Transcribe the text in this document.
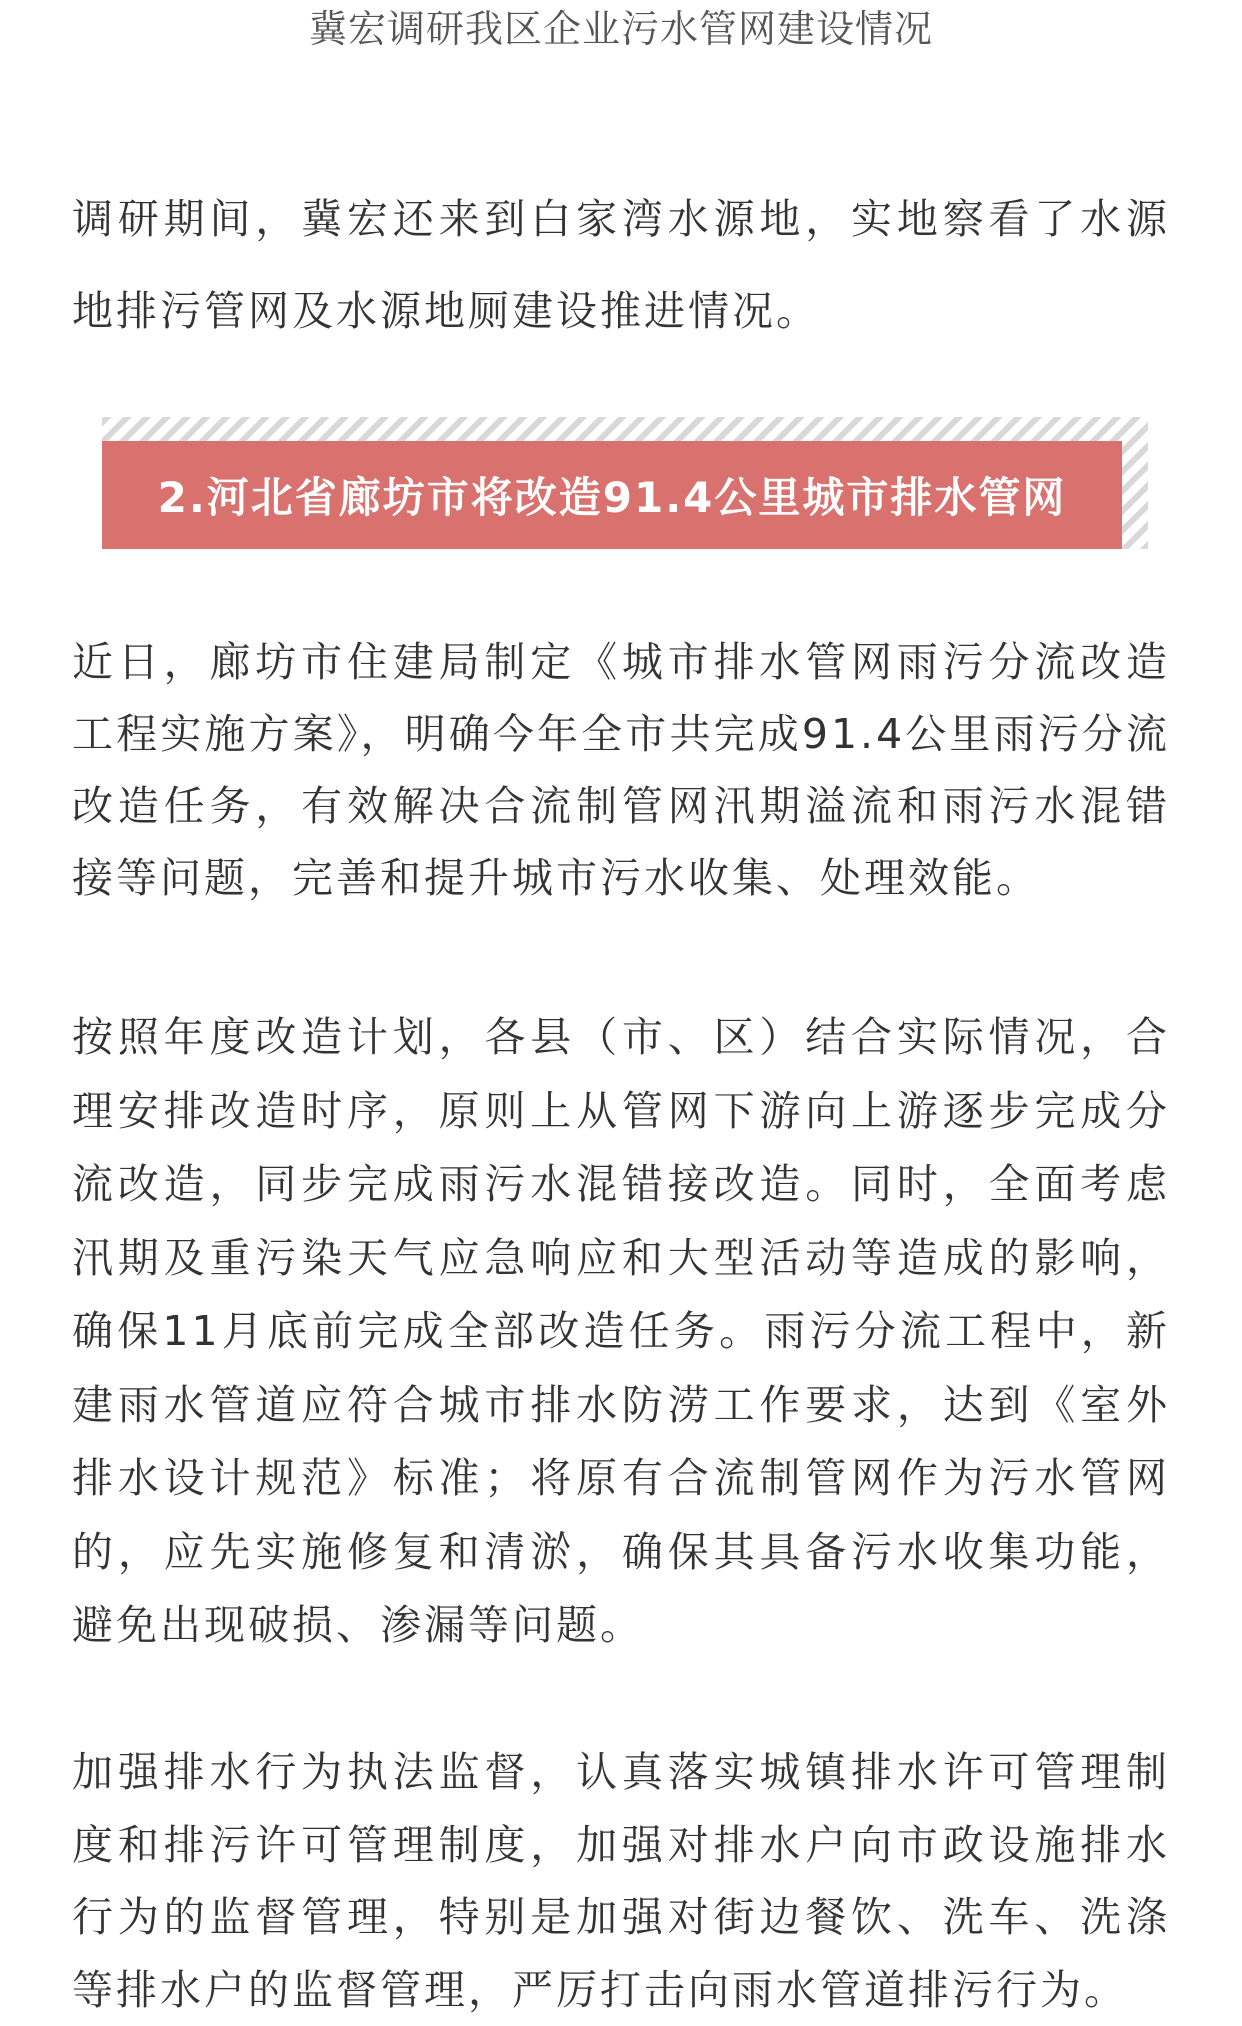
冀宏调研我区企业污水管网建设情况

调研期间，冀宏还来到白家湾水源地，实地察看了水源地排污管网及水源地厕建设推进情况。

2.河北省廊坊市将改造91.4公里城市排水管网

近日，廊坊市住建局制定《城市排水管网雨污分流改造工程实施方案》，明确今年全市共完成91.4公里雨污分流改造任务，有效解决合流制管网汛期溢流和雨污水混错接等问题，完善和提升城市污水收集、处理效能。

按照年度改造计划，各县（市、区）结合实际情况，合理安排改造时序，原则上从管网下游向上游逐步完成分流改造，同步完成雨污水混错接改造。同时，全面考虑汛期及重污染天气应急响应和大型活动等造成的影响，确保11月底前完成全部改造任务。雨污分流工程中，新建雨水管道应符合城市排水防涝工作要求，达到《室外排水设计规范》标准；将原有合流制管网作为污水管网的，应先实施修复和清淤，确保其具备污水收集功能，避免出现破损、渗漏等问题。

加强排水行为执法监督，认真落实城镇排水许可管理制度和排污许可管理制度，加强对排水户向市政设施排水行为的监督管理，特别是加强对街边餐饮、洗车、洗涤等排水户的监督管理，严厉打击向雨水管道排污行为。
